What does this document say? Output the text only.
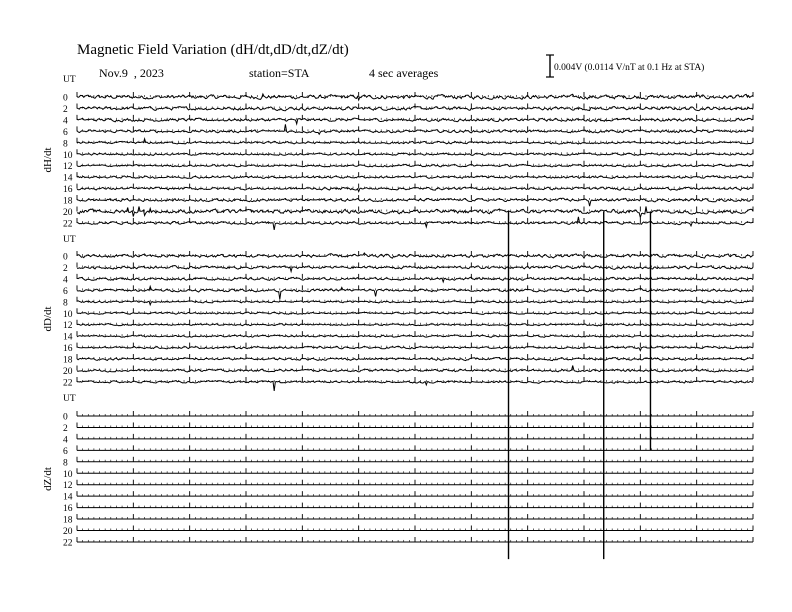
Magnetic Field Variation (dH/dt,dD/dt,dZ/dt)
Nov.9  , 2023	station=STA	4 sec averages	0.004V (0.0114 V/nT at 0.1 Hz at STA)
UT
dH/dt
0
2
4
6
8
10
12
14
16
18
20
22
UT
dD/dt
0
2
4
6
8
10
12
14
16
18
20
22
UT
dZ/dt
0
2
4
6
8
10
12
14
16
18
20
22
